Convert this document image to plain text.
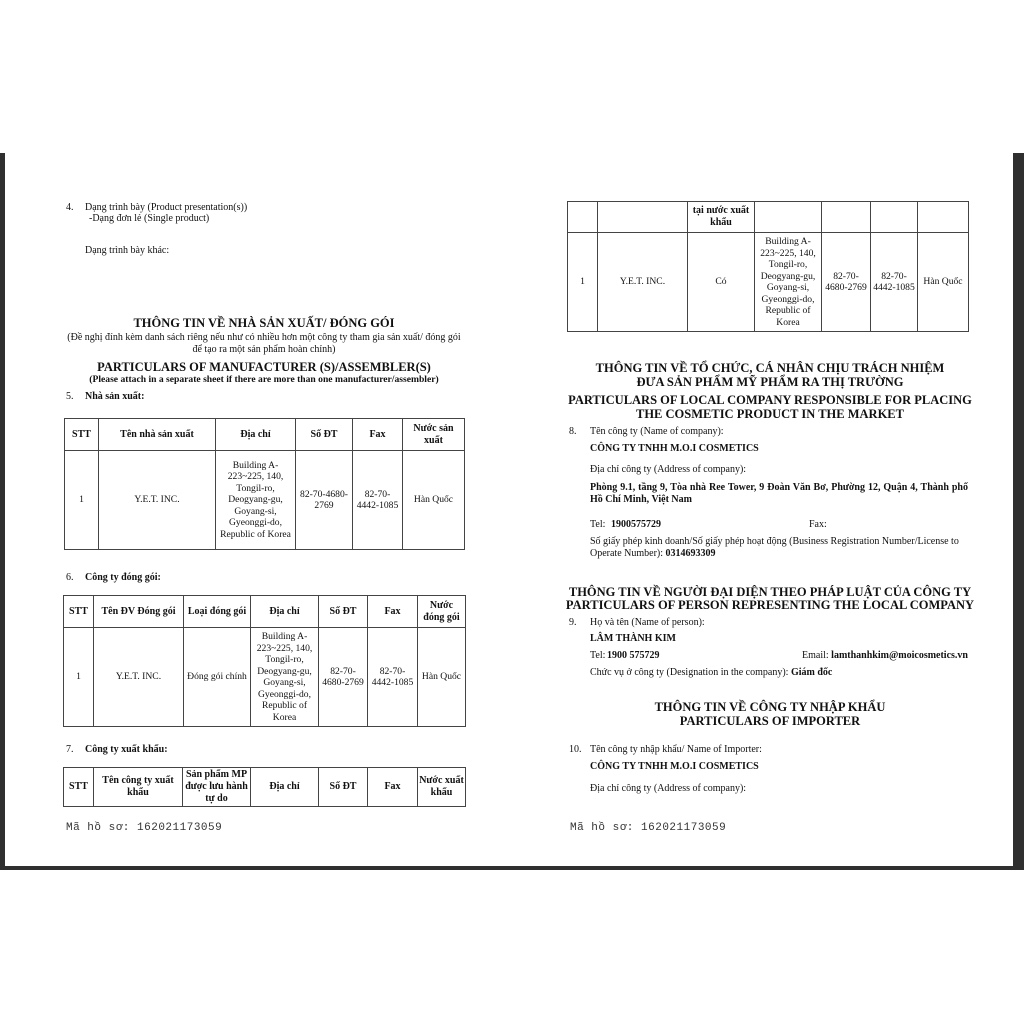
4. Dạng trình bày (Product presentation(s))
-Dạng đơn lẻ (Single product)
Dạng trình bày khác:
THÔNG TIN VỀ NHÀ SẢN XUẤT/ ĐÓNG GÓI
(Đề nghị đính kèm danh sách riêng nếu như có nhiều hơn một công ty tham gia sản xuất/ đóng gói để tạo ra một sản phẩm hoàn chỉnh)
PARTICULARS OF MANUFACTURER (S)/ASSEMBLER(S)
(Please attach in a separate sheet if there are more than one manufacturer/assembler)
5. Nhà sản xuất:
STT	Tên nhà sản xuất	Địa chỉ	Số ĐT	Fax	Nước sản xuất
1	Y.E.T. INC.	Building A-223~225, 140, Tongil-ro, Deogyang-gu, Goyang-si, Gyeonggi-do, Republic of Korea	82-70-4680-2769	82-70-4442-1085	Hàn Quốc
6. Công ty đóng gói:
STT	Tên ĐV Đóng gói	Loại đóng gói	Địa chỉ	Số ĐT	Fax	Nước đóng gói
1	Y.E.T. INC.	Đóng gói chính	Building A-223~225, 140, Tongil-ro, Deogyang-gu, Goyang-si, Gyeonggi-do, Republic of Korea	82-70-4680-2769	82-70-4442-1085	Hàn Quốc
7. Công ty xuất khẩu:
STT	Tên công ty xuất khẩu	Sản phẩm MP được lưu hành tự do	Địa chỉ	Số ĐT	Fax	Nước xuất khẩu
Mã hồ sơ: 162021173059
		tại nước xuất khẩu				
1	Y.E.T. INC.	Có	Building A-223~225, 140, Tongil-ro, Deogyang-gu, Goyang-si, Gyeonggi-do, Republic of Korea	82-70-4680-2769	82-70-4442-1085	Hàn Quốc
THÔNG TIN VỀ TỔ CHỨC, CÁ NHÂN CHỊU TRÁCH NHIỆM
ĐƯA SẢN PHẨM MỸ PHẨM RA THỊ TRƯỜNG
PARTICULARS OF LOCAL COMPANY RESPONSIBLE FOR PLACING
THE COSMETIC PRODUCT IN THE MARKET
8. Tên công ty (Name of company):
CÔNG TY TNHH M.O.I COSMETICS
Địa chỉ công ty (Address of company):
Phòng 9.1, tầng 9, Tòa nhà Ree Tower, 9 Đoàn Văn Bơ, Phường 12, Quận 4, Thành phố Hồ Chí Minh, Việt Nam
Tel: 1900575729	Fax:
Số giấy phép kinh doanh/Số giấy phép hoạt động (Business Registration Number/License to Operate Number): 0314693309
THÔNG TIN VỀ NGƯỜI ĐẠI DIỆN THEO PHÁP LUẬT CỦA CÔNG TY
PARTICULARS OF PERSON REPRESENTING THE LOCAL COMPANY
9. Họ và tên (Name of person):
LÂM THÀNH KIM
Tel: 1900 575729	Email: lamthanhkim@moicosmetics.vn
Chức vụ ở công ty (Designation in the company): Giám đốc
THÔNG TIN VỀ CÔNG TY NHẬP KHẨU
PARTICULARS OF IMPORTER
10. Tên công ty nhập khẩu/ Name of Importer:
CÔNG TY TNHH M.O.I COSMETICS
Địa chỉ công ty (Address of company):
Mã hồ sơ: 162021173059
